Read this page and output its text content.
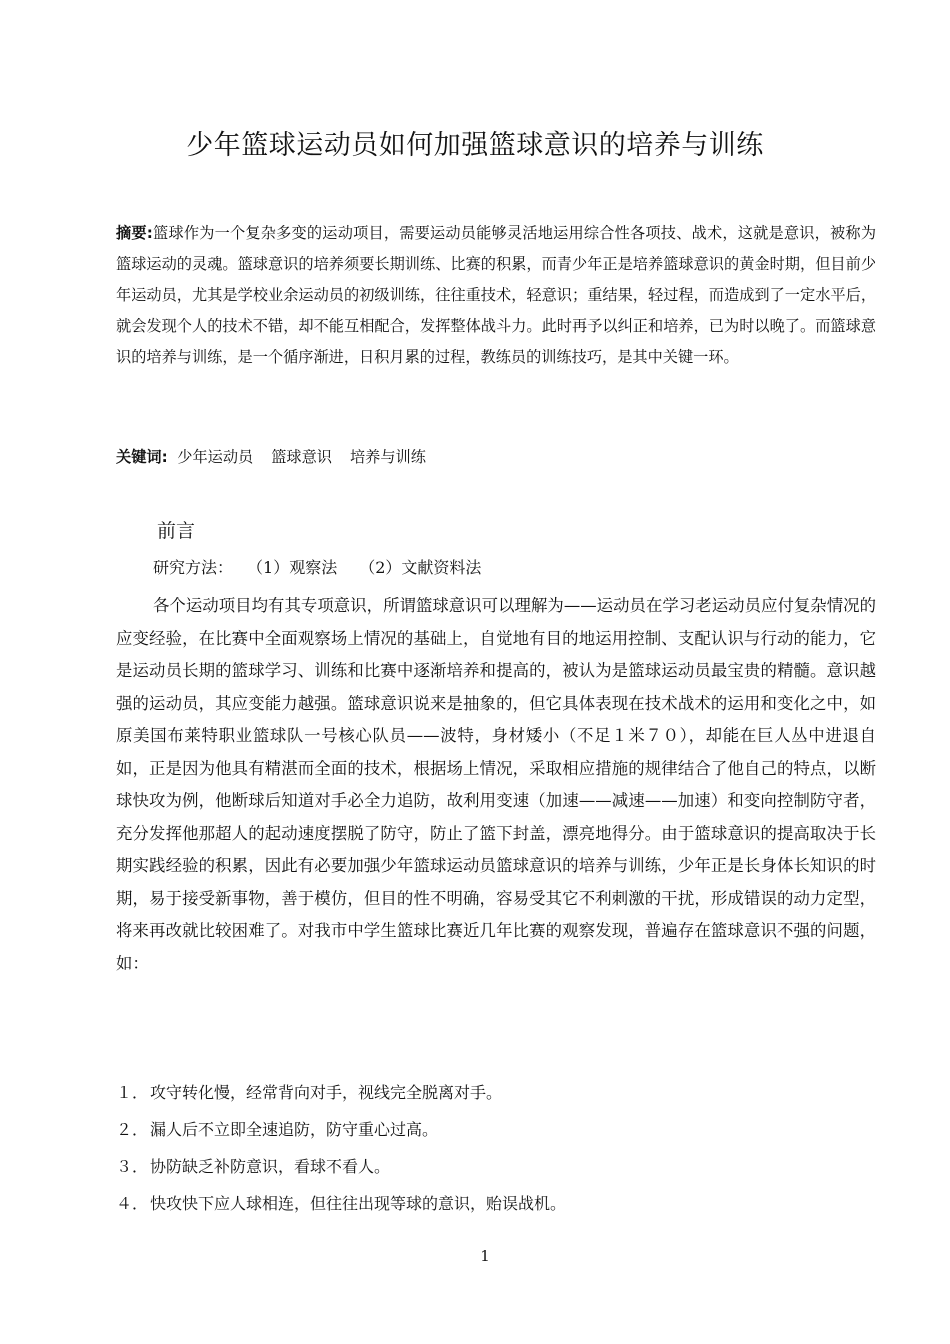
少年篮球运动员如何加强篮球意识的培养与训练

摘要:篮球作为一个复杂多变的运动项目，需要运动员能够灵活地运用综合性各项技、战术，这就是意识，被称为篮球运动的灵魂。篮球意识的培养须要长期训练、比赛的积累，而青少年正是培养篮球意识的黄金时期，但目前少年运动员，尤其是学校业余运动员的初级训练，往往重技术，轻意识；重结果，轻过程，而造成到了一定水平后，就会发现个人的技术不错，却不能互相配合，发挥整体战斗力。此时再予以纠正和培养，已为时以晚了。而篮球意识的培养与训练，是一个循序渐进，日积月累的过程，教练员的训练技巧，是其中关键一环。

关键词: 少年运动员 篮球意识 培养与训练

前言

研究方法： （1）观察法 （2）文献资料法

各个运动项目均有其专项意识，所谓篮球意识可以理解为——运动员在学习老运动员应付复杂情况的应变经验，在比赛中全面观察场上情况的基础上，自觉地有目的地运用控制、支配认识与行动的能力，它是运动员长期的篮球学习、训练和比赛中逐渐培养和提高的，被认为是篮球运动员最宝贵的精髓。意识越强的运动员，其应变能力越强。篮球意识说来是抽象的，但它具体表现在技术战术的运用和变化之中，如原美国布莱特职业篮球队一号核心队员——波特，身材矮小（不足１米７０），却能在巨人丛中进退自如，正是因为他具有精湛而全面的技术，根据场上情况，采取相应措施的规律结合了他自己的特点，以断球快攻为例，他断球后知道对手必全力追防，故利用变速（加速——减速——加速）和变向控制防守者，充分发挥他那超人的起动速度摆脱了防守，防止了篮下封盖，漂亮地得分。由于篮球意识的提高取决于长期实践经验的积累，因此有必要加强少年篮球运动员篮球意识的培养与训练，少年正是长身体长知识的时期，易于接受新事物，善于模仿，但目的性不明确，容易受其它不利刺激的干扰，形成错误的动力定型，将来再改就比较困难了。对我市中学生篮球比赛近几年比赛的观察发现，普遍存在篮球意识不强的问题，如：

１． 攻守转化慢，经常背向对手，视线完全脱离对手。
２． 漏人后不立即全速追防，防守重心过高。
３． 协防缺乏补防意识，看球不看人。
４． 快攻快下应人球相连，但往往出现等球的意识，贻误战机。
1
